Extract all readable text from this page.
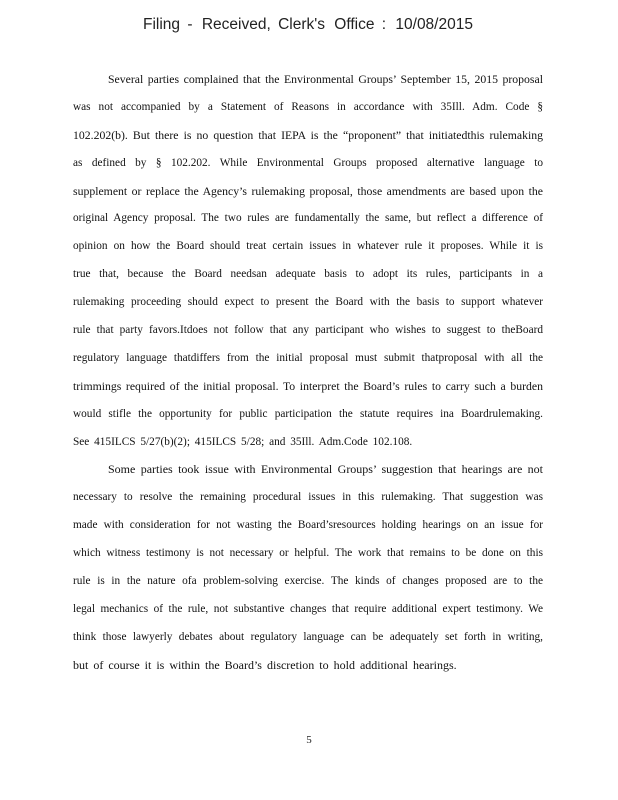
Filing - Received, Clerk's Office : 10/08/2015

Several parties complained that the Environmental Groups’ September 15, 2015 proposal
was not accompanied by a Statement of Reasons in accordance with 35Ill. Adm. Code §
102.202(b). But there is no question that IEPA is the “proponent” that initiatedthis rulemaking
as defined by § 102.202. While Environmental Groups proposed alternative language to
supplement or replace the Agency’s rulemaking proposal, those amendments are based upon the
original Agency proposal. The two rules are fundamentally the same, but reflect a difference of
opinion on how the Board should treat certain issues in whatever rule it proposes. While it is
true that, because the Board needsan adequate basis to adopt its rules, participants in a
rulemaking proceeding should expect to present the Board with the basis to support whatever
rule that party favors.Itdoes not follow that any participant who wishes to suggest to theBoard
regulatory language thatdiffers from the initial proposal must submit thatproposal with all the
trimmings required of the initial proposal. To interpret the Board’s rules to carry such a burden
would stifle the opportunity for public participation the statute requires ina Boardrulemaking.
See 415ILCS 5/27(b)(2); 415ILCS 5/28; and 35Ill. Adm.Code 102.108.

Some parties took issue with Environmental Groups’ suggestion that hearings are not
necessary to resolve the remaining procedural issues in this rulemaking. That suggestion was
made with consideration for not wasting the Board’sresources holding hearings on an issue for
which witness testimony is not necessary or helpful. The work that remains to be done on this
rule is in the nature ofa problem-solving exercise. The kinds of changes proposed are to the
legal mechanics of the rule, not substantive changes that require additional expert testimony. We
think those lawyerly debates about regulatory language can be adequately set forth in writing,
but of course it is within the Board’s discretion to hold additional hearings.

5
